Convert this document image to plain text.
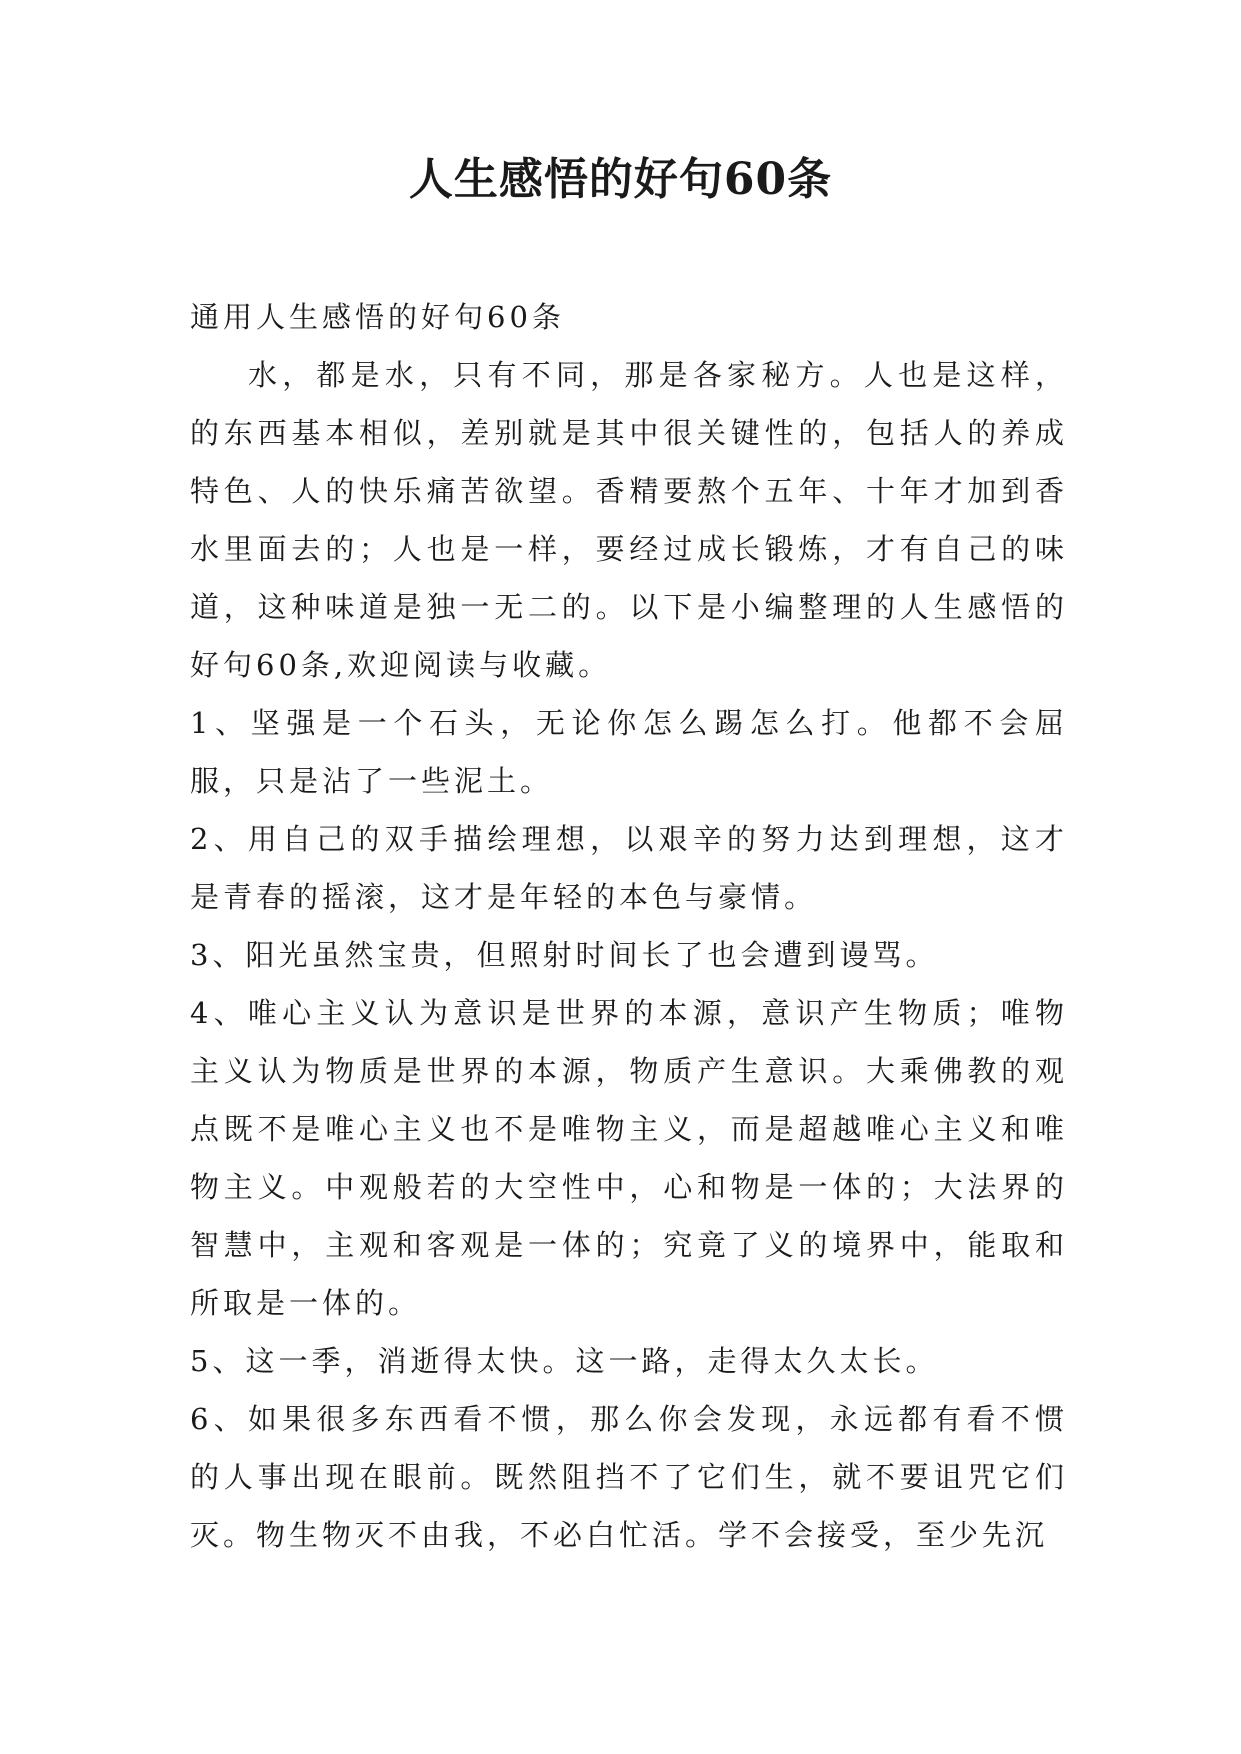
人生感悟的好句60条

通用人生感悟的好句60条

水，都是水，只有不同，那是各家秘方。人也是这样，的东西基本相似，差别就是其中很关键性的，包括人的养成特色、人的快乐痛苦欲望。香精要熬个五年、十年才加到香水里面去的；人也是一样，要经过成长锻炼，才有自己的味道，这种味道是独一无二的。以下是小编整理的人生感悟的好句60条,欢迎阅读与收藏。

1、坚强是一个石头，无论你怎么踢怎么打。他都不会屈服，只是沾了一些泥土。

2、用自己的双手描绘理想，以艰辛的努力达到理想，这才是青春的摇滚，这才是年轻的本色与豪情。

3、阳光虽然宝贵，但照射时间长了也会遭到谩骂。

4、唯心主义认为意识是世界的本源，意识产生物质；唯物主义认为物质是世界的本源，物质产生意识。大乘佛教的观点既不是唯心主义也不是唯物主义，而是超越唯心主义和唯物主义。中观般若的大空性中，心和物是一体的；大法界的智慧中，主观和客观是一体的；究竟了义的境界中，能取和所取是一体的。

5、这一季，消逝得太快。这一路，走得太久太长。

6、如果很多东西看不惯，那么你会发现，永远都有看不惯的人事出现在眼前。既然阻挡不了它们生，就不要诅咒它们灭。物生物灭不由我，不必白忙活。学不会接受，至少先沉
